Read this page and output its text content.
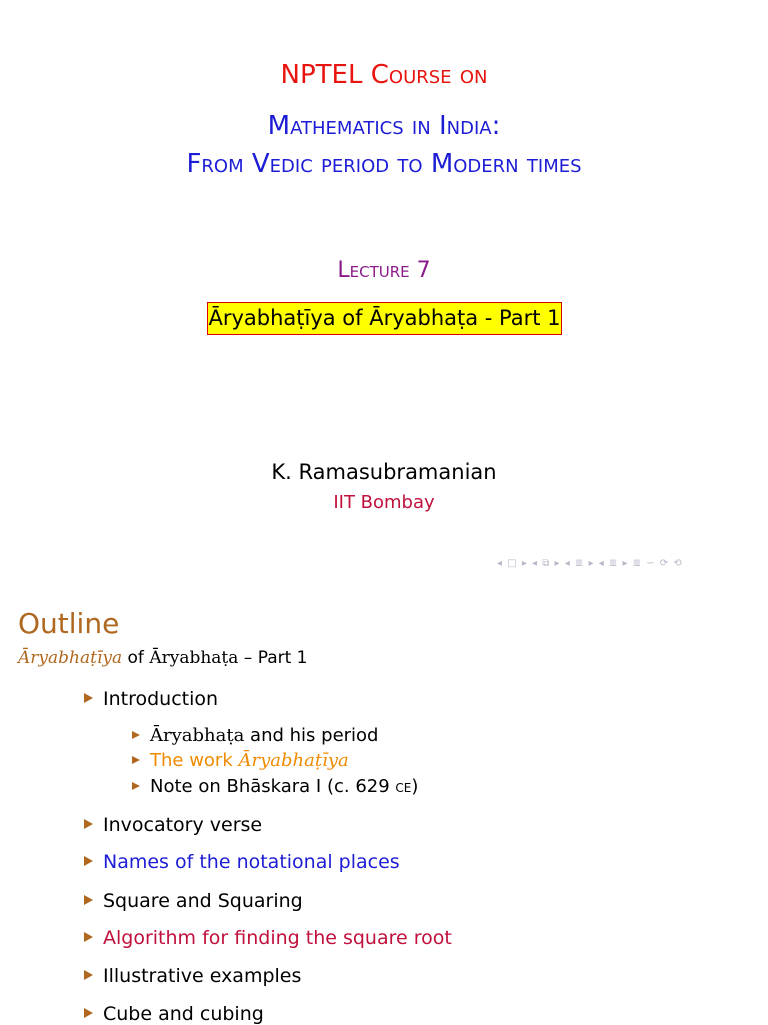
NPTEL Course on
Mathematics in India:
From Vedic period to Modern times
Lecture 7
Āryabhaṭīya of Āryabhaṭa - Part 1
K. Ramasubramanian
IIT Bombay
◂ □ ▸ ◂ ⧉ ▸ ◂ ≣ ▸ ◂ ≣ ▸ ≣ ∽ ⟳ ⟲
Outline
Āryabhaṭīya of Āryabhaṭa – Part 1
Introduction
Āryabhaṭa and his period
The work Āryabhaṭīya
Note on Bhāskara I (c. 629 ce)
Invocatory verse
Names of the notational places
Square and Squaring
Algorithm for finding the square root
Illustrative examples
Cube and cubing
